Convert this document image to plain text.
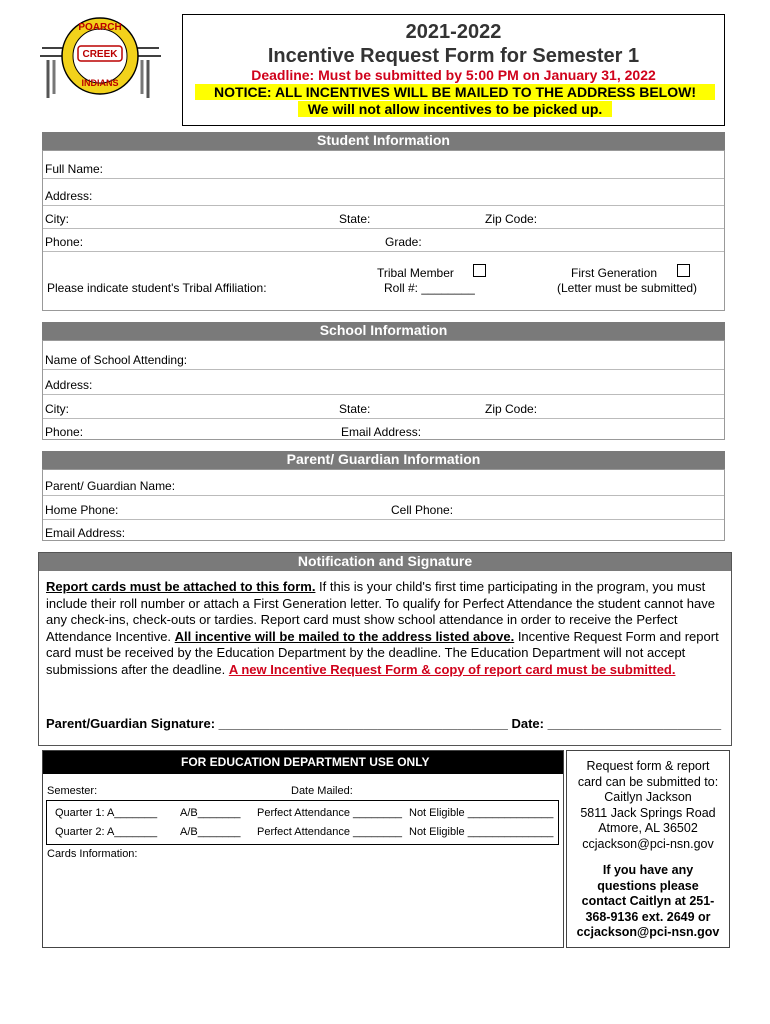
CREEK
POARCH
INDIANS
2021-2022
Incentive Request Form for Semester 1
Deadline: Must be submitted by 5:00 PM on January 31, 2022
NOTICE: ALL INCENTIVES WILL BE MAILED TO THE ADDRESS BELOW!
We will not allow incentives to be picked up.
Student Information
Full Name:
Address:
City:	State:	Zip Code:
Phone:	Grade:
Please indicate student's Tribal Affiliation:
Tribal Member
Roll #: ________
First Generation
(Letter must be submitted)
School Information
Name of School Attending:
Address:
City:	State:	Zip Code:
Phone:	Email Address:
Parent/ Guardian Information
Parent/ Guardian Name:
Home Phone:	Cell Phone:
Email Address:
Notification and Signature
Report cards must be attached to this form. If this is your child's first time participating in the program, you must include their roll number or attach a First Generation letter. To qualify for Perfect Attendance the student cannot have any check-ins, check-outs or tardies. Report card must show school attendance in order to receive the Perfect Attendance Incentive. All incentive will be mailed to the address listed above. Incentive Request Form and report card must be received by the Education Department by the deadline. The Education Department will not accept submissions after the deadline. A new Incentive Request Form & copy of report card must be submitted.
Parent/Guardian Signature: ________________________________________ Date: ________________________
FOR EDUCATION DEPARTMENT USE ONLY
Semester:	Date Mailed:
Quarter 1: A_______ A/B_______ Perfect Attendance ________ Not Eligible ______________
Quarter 2: A_______ A/B_______ Perfect Attendance ________ Not Eligible ______________
Cards Information:
Request form & report
card can be submitted to:
Caitlyn Jackson
5811 Jack Springs Road
Atmore, AL 36502
ccjackson@pci-nsn.gov
If you have any
questions please
contact Caitlyn at 251-
368-9136 ext. 2649 or
ccjackson@pci-nsn.gov
